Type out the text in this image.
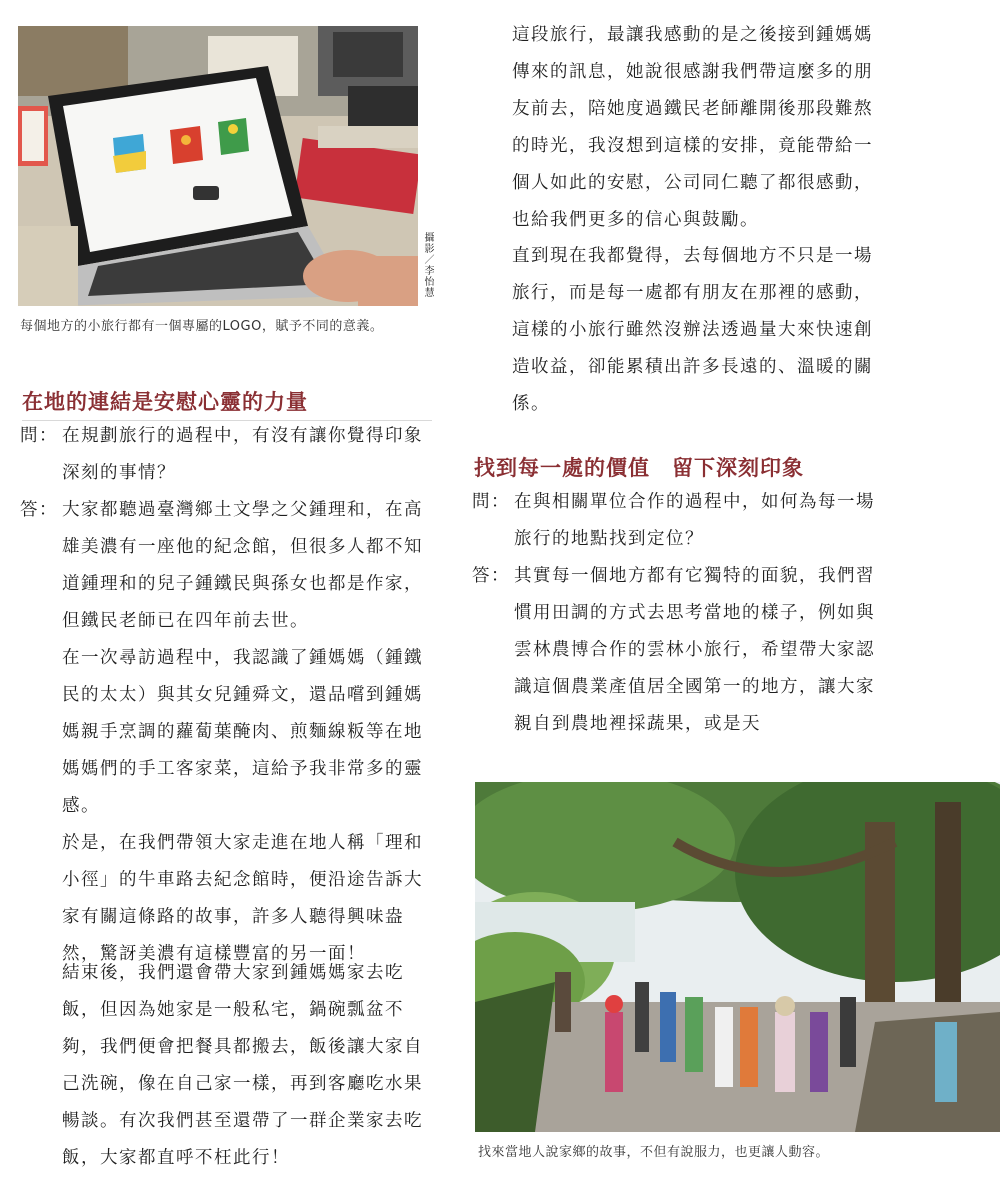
攝影／李怡慧
每個地方的小旅行都有一個專屬的LOGO，賦予不同的意義。
在地的連結是安慰心靈的力量
問： 在規劃旅行的過程中，有沒有讓你覺得印象深刻的事情？
答： 大家都聽過臺灣鄉土文學之父鍾理和，在高雄美濃有一座他的紀念館，但很多人都不知道鍾理和的兒子鍾鐵民與孫女也都是作家，但鐵民老師已在四年前去世。

在一次尋訪過程中，我認識了鍾媽媽（鍾鐵民的太太）與其女兒鍾舜文，還品嚐到鍾媽媽親手烹調的蘿蔔葉醃肉、煎麵線粄等在地媽媽們的手工客家菜，這給予我非常多的靈感。

於是，在我們帶領大家走進在地人稱「理和小徑」的牛車路去紀念館時，便沿途告訴大家有關這條路的故事，許多人聽得興味盎然，驚訝美濃有這樣豐富的另一面！

結束後，我們還會帶大家到鍾媽媽家去吃飯，但因為她家是一般私宅，鍋碗瓢盆不夠，我們便會把餐具都搬去，飯後讓大家自己洗碗，像在自己家一樣，再到客廳吃水果暢談。有次我們甚至還帶了一群企業家去吃飯，大家都直呼不枉此行！

這段旅行，最讓我感動的是之後接到鍾媽媽傳來的訊息，她說很感謝我們帶這麼多的朋友前去，陪她度過鐵民老師離開後那段難熬的時光，我沒想到這樣的安排，竟能帶給一個人如此的安慰，公司同仁聽了都很感動，也給我們更多的信心與鼓勵。

直到現在我都覺得，去每個地方不只是一場旅行，而是每一處都有朋友在那裡的感動，這樣的小旅行雖然沒辦法透過量大來快速創造收益，卻能累積出許多長遠的、溫暖的關係。

找到每一處的價值　留下深刻印象
問： 在與相關單位合作的過程中，如何為每一場旅行的地點找到定位？
答： 其實每一個地方都有它獨特的面貌，我們習慣用田調的方式去思考當地的樣子，例如與雲林農博合作的雲林小旅行，希望帶大家認識這個農業產值居全國第一的地方，讓大家親自到農地裡採蔬果，或是天
找來當地人說家鄉的故事，不但有說服力，也更讓人動容。
